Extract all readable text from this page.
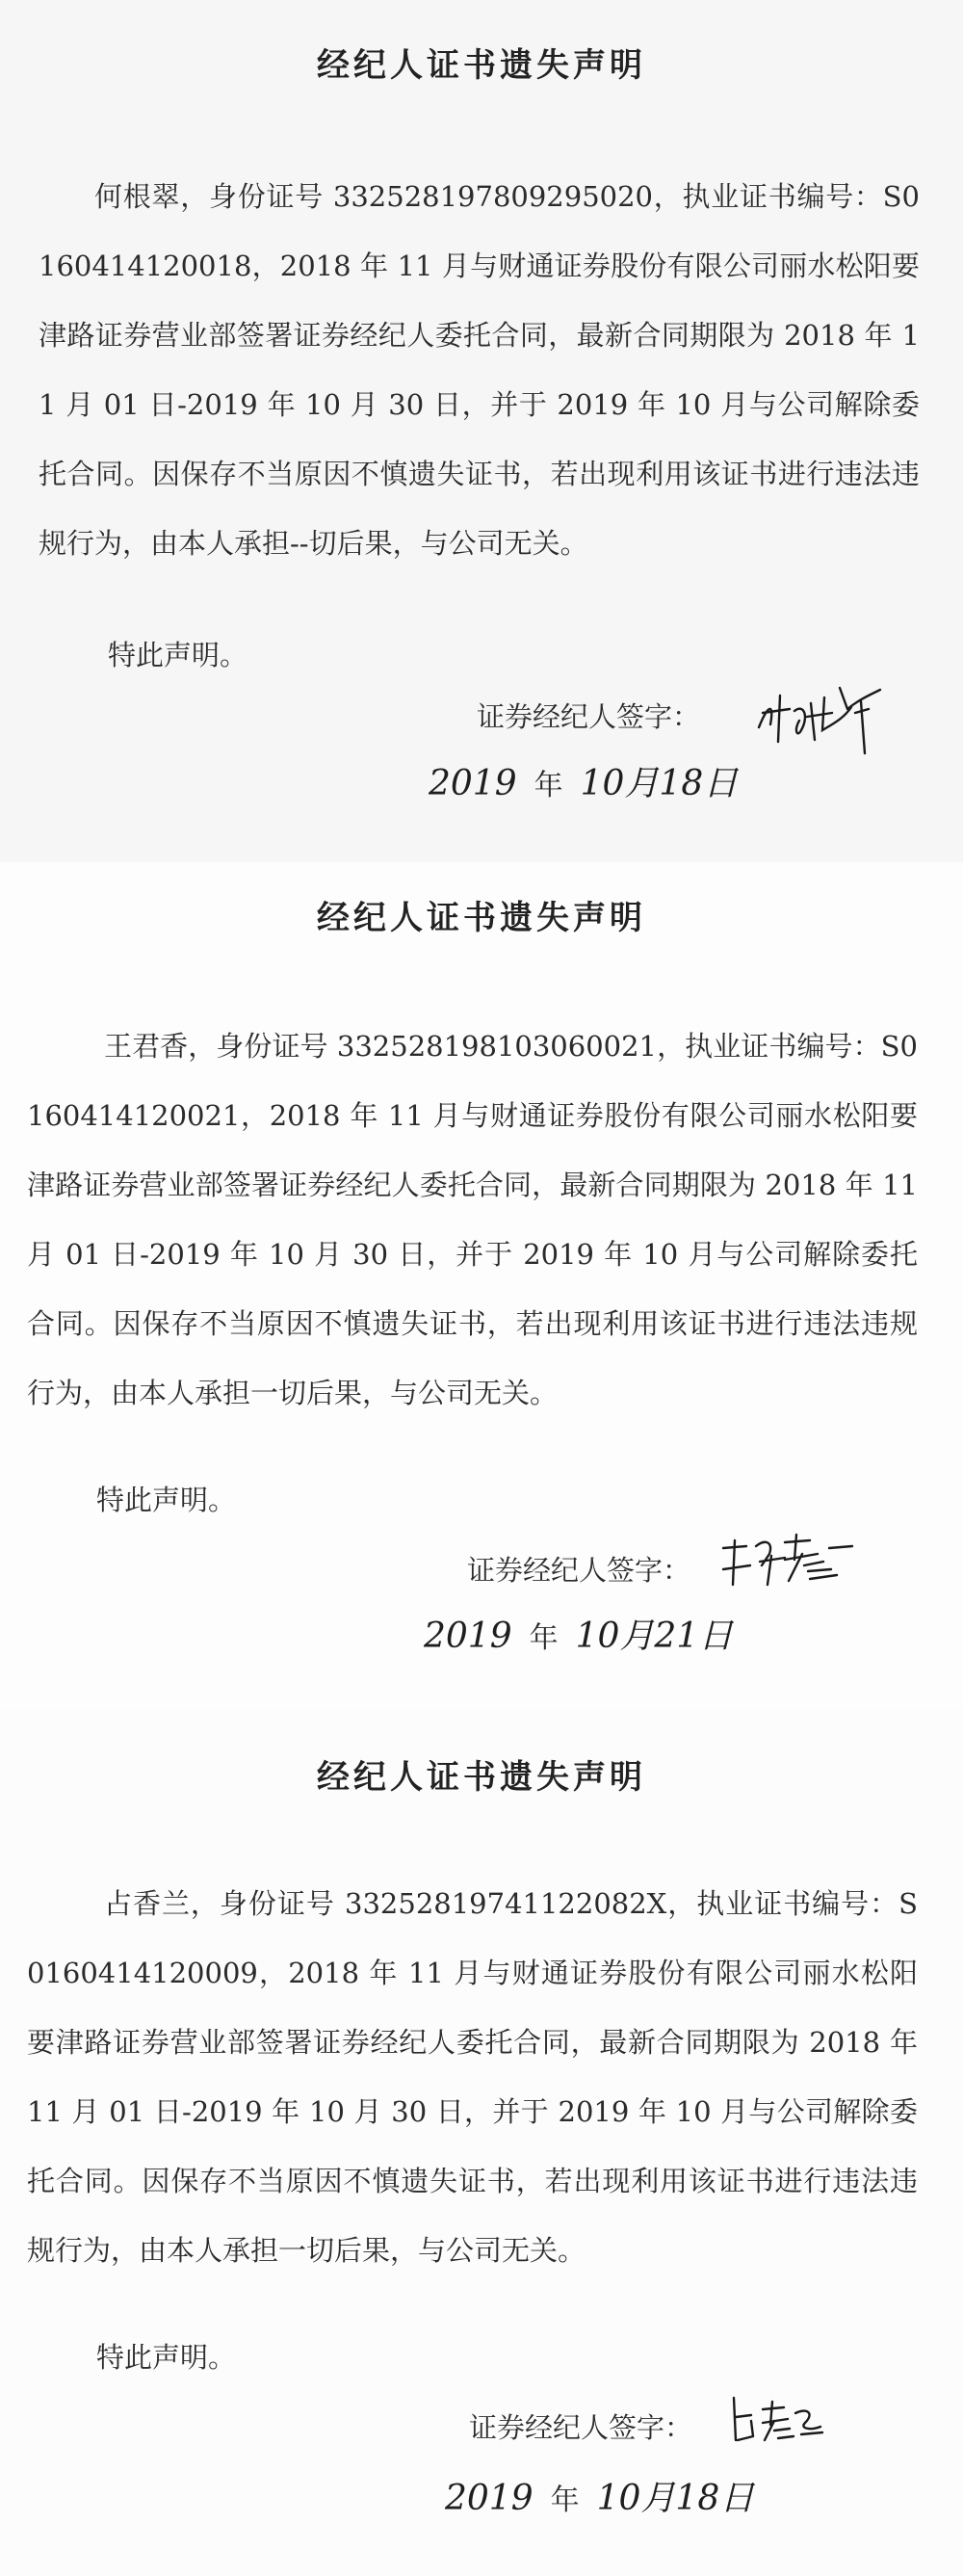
经纪人证书遗失声明
何根翠，身份证号 332528197809295020，执业证书编号：S0160414120018，2018 年 11 月与财通证券股份有限公司丽水松阳要津路证券营业部签署证券经纪人委托合同，最新合同期限为 2018 年 11 月 01 日-2019 年 10 月 30 日，并于 2019 年 10 月与公司解除委托合同。因保存不当原因不慎遗失证书，若出现利用该证书进行违法违规行为，由本人承担--切后果，与公司无关。
特此声明。
证券经纪人签字：
2019 年 10月18日
经纪人证书遗失声明
王君香，身份证号 332528198103060021，执业证书编号：S0160414120021，2018 年 11 月与财通证券股份有限公司丽水松阳要津路证券营业部签署证券经纪人委托合同，最新合同期限为 2018 年 11 月 01 日-2019 年 10 月 30 日，并于 2019 年 10 月与公司解除委托合同。因保存不当原因不慎遗失证书，若出现利用该证书进行违法违规行为，由本人承担一切后果，与公司无关。
特此声明。
证券经纪人签字：
2019 年 10月21日
经纪人证书遗失声明
占香兰，身份证号 33252819741122082X，执业证书编号：S0160414120009，2018 年 11 月与财通证券股份有限公司丽水松阳要津路证券营业部签署证券经纪人委托合同，最新合同期限为 2018 年 11 月 01 日-2019 年 10 月 30 日，并于 2019 年 10 月与公司解除委托合同。因保存不当原因不慎遗失证书，若出现利用该证书进行违法违规行为，由本人承担一切后果，与公司无关。
特此声明。
证券经纪人签字：
2019 年 10月18日
